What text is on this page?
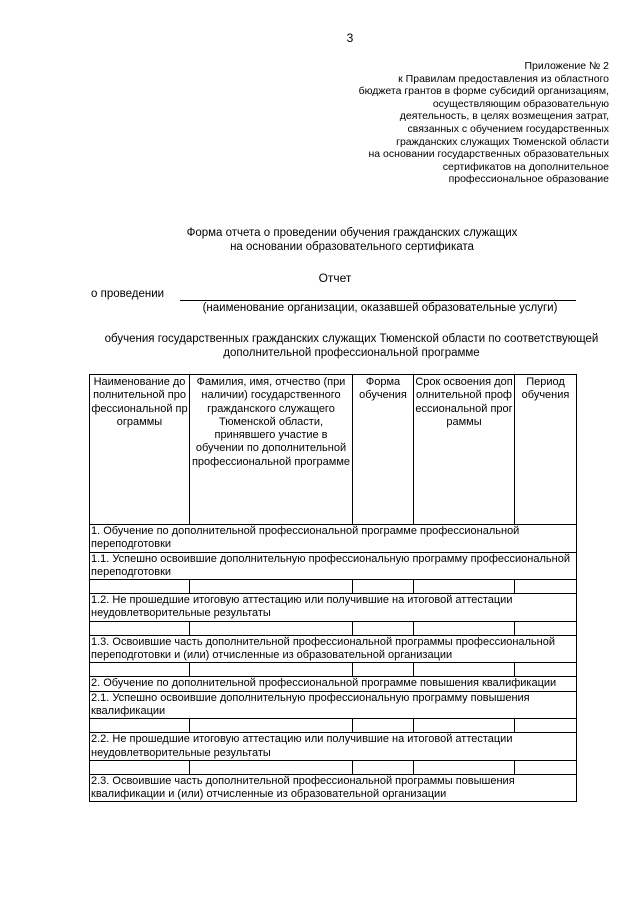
3
Приложение № 2
к Правилам предоставления из областного
бюджета грантов в форме субсидий организациям,
осуществляющим образовательную
деятельность, в целях возмещения затрат,
связанных с обучением государственных
гражданских служащих Тюменской области
на основании государственных образовательных
сертификатов на дополнительное
профессиональное образование
Форма отчета о проведении обучения гражданских служащих
на основании образовательного сертификата
Отчет
о проведении
(наименование организации, оказавшей образовательные услуги)
обучения государственных гражданских служащих Тюменской области по соответствующей дополнительной профессиональной программе
Наименование дополнительной профессиональной программы	Фамилия, имя, отчество (при наличии) государственного гражданского служащего Тюменской области, принявшего участие в обучении по дополнительной профессиональной программе	Форма обучения	Срок освоения дополнительной профессиональной программы	Период обучения
1. Обучение по дополнительной профессиональной программе профессиональной переподготовки				
1.1. Успешно освоившие дополнительную профессиональную программу профессиональной переподготовки				

1.2. Не прошедшие итоговую аттестацию или получившие на итоговой аттестации неудовлетворительные результаты				

1.3. Освоившие часть дополнительной профессиональной программы профессиональной переподготовки и (или) отчисленные из образовательной организации				

2. Обучение по дополнительной профессиональной программе повышения квалификации				
2.1. Успешно освоившие дополнительную профессиональную программу повышения квалификации				

2.2. Не прошедшие итоговую аттестацию или получившие на итоговой аттестации неудовлетворительные результаты				

2.3. Освоившие часть дополнительной профессиональной программы повышения квалификации и (или) отчисленные из образовательной организации				
